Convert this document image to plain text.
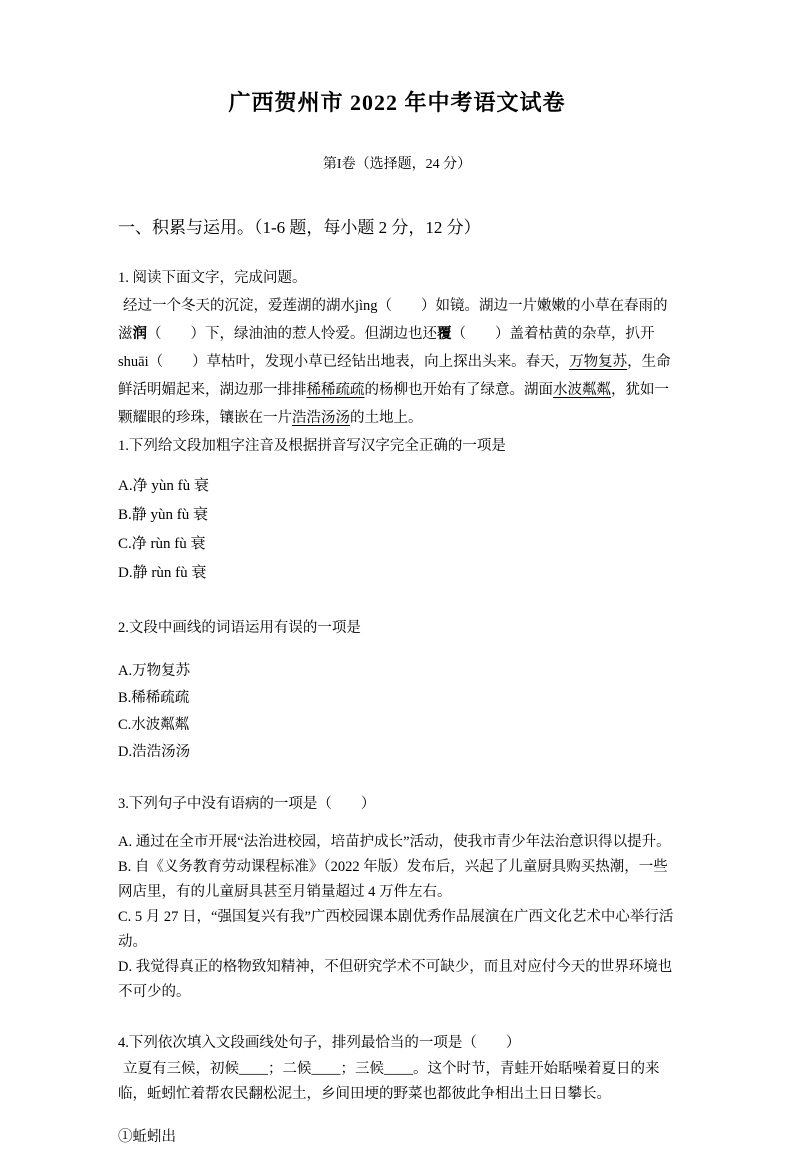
广西贺州市 2022 年中考语文试卷

第I卷（选择题，24 分）

一、积累与运用。（1-6 题，每小题 2 分，12 分）

1. 阅读下面文字，完成问题。

经过一个冬天的沉淀，爱莲湖的湖水jìng（　　）如镜。湖边一片嫩嫩的小草在春雨的滋润（　　）下，绿油油的惹人怜爱。但湖边也还覆（　　）盖着枯黄的杂草，扒开 shuāi（　　）草枯叶，发现小草已经钻出地表，向上探出头来。春天，万物复苏，生命鲜活明媚起来，湖边那一排排稀稀疏疏的杨柳也开始有了绿意。湖面水波粼粼，犹如一颗耀眼的珍珠，镶嵌在一片浩浩汤汤的土地上。

1.下列给文段加粗字注音及根据拼音写汉字完全正确的一项是

A.净 yùn fù 衰

B.静 yùn fù 衰

C.净 rùn fù 衰

D.静 rùn fù 衰

2.文段中画线的词语运用有误的一项是

A.万物复苏

B.稀稀疏疏

C.水波粼粼

D.浩浩汤汤

3.下列句子中没有语病的一项是（　　）

A. 通过在全市开展“法治进校园，培苗护成长”活动，使我市青少年法治意识得以提升。

B. 自《义务教育劳动课程标准》（2022 年版）发布后，兴起了儿童厨具购买热潮，一些网店里，有的儿童厨具甚至月销量超过 4 万件左右。

C. 5 月 27 日，“强国复兴有我”广西校园课本剧优秀作品展演在广西文化艺术中心举行活动。

D. 我觉得真正的格物致知精神，不但研究学术不可缺少，而且对应付今天的世界环境也不可少的。

4.下列依次填入文段画线处句子，排列最恰当的一项是（　　）

立夏有三候，初候____；二候____；三候____。这个时节，青蛙开始聒噪着夏日的来临，蚯蚓忙着帮农民翻松泥土，乡间田埂的野菜也都彼此争相出土日日攀长。

①蚯蚓出
